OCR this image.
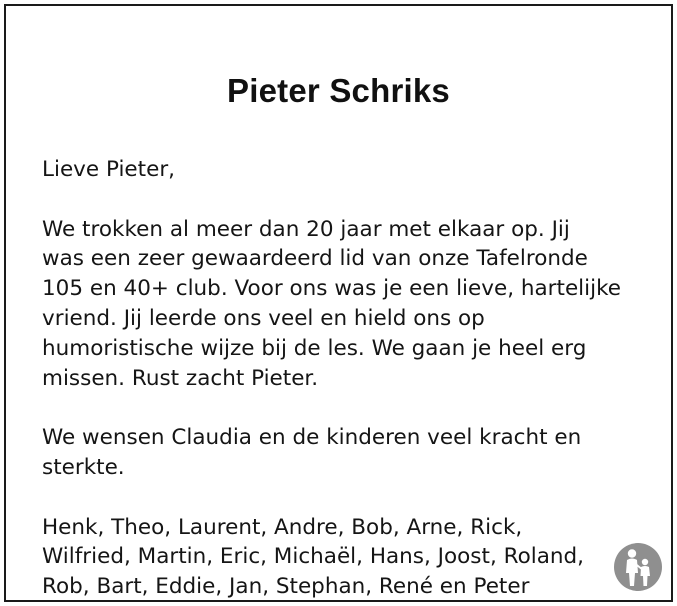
Pieter Schriks

Lieve Pieter,

We trokken al meer dan 20 jaar met elkaar op. Jij
was een zeer gewaardeerd lid van onze Tafelronde
105 en 40+ club. Voor ons was je een lieve, hartelijke
vriend. Jij leerde ons veel en hield ons op
humoristische wijze bij de les. We gaan je heel erg
missen. Rust zacht Pieter.

We wensen Claudia en de kinderen veel kracht en
sterkte.

Henk, Theo, Laurent, Andre, Bob, Arne, Rick,
Wilfried, Martin, Eric, Michaël, Hans, Joost, Roland,
Rob, Bart, Eddie, Jan, Stephan, René en Peter
